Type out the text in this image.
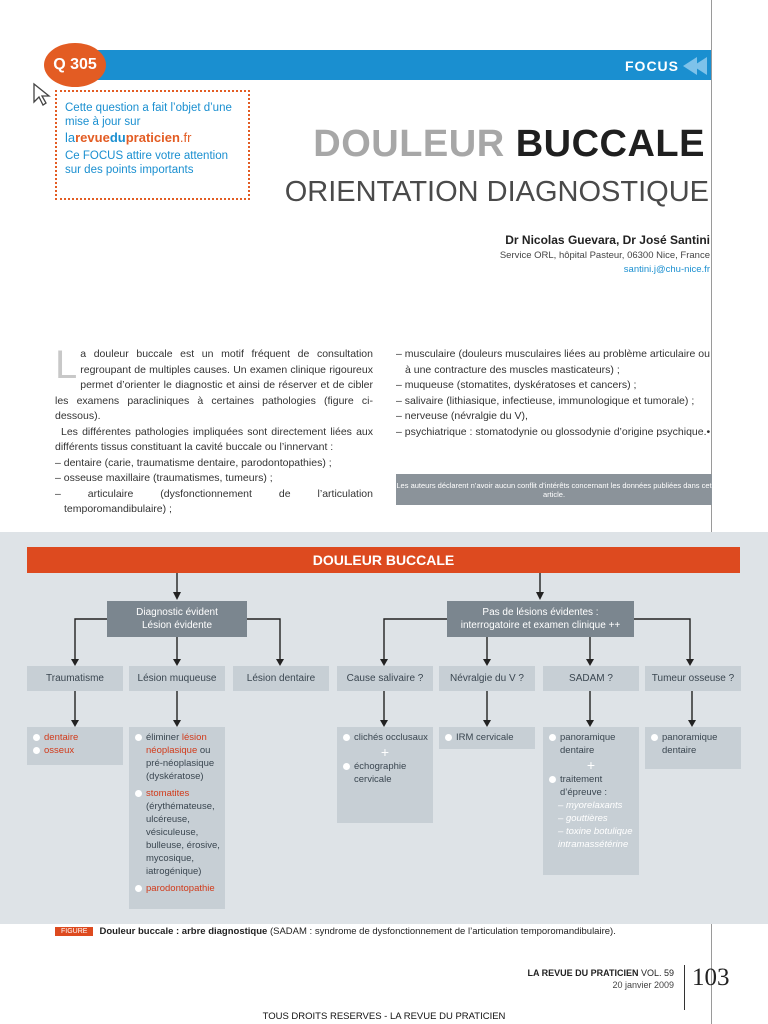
Q 305	FOCUS

Cette question a fait l’objet d’une mise à jour sur

larevuedupraticien.fr

Ce FOCUS attire votre attention sur des points importants

DOULEUR BUCCALE
ORIENTATION DIAGNOSTIQUE
Dr Nicolas Guevara, Dr José Santini
Service ORL, hôpital Pasteur, 06300 Nice, France
santini.j@chu-nice.fr

La douleur buccale est un motif fréquent de consultation regroupant de multiples causes. Un examen clinique rigoureux permet d’orienter le diagnostic et ainsi de réserver et de cibler les examens paracliniques à certaines pathologies (figure ci-dessous).

Les différentes pathologies impliquées sont directement liées aux différents tissus constituant la cavité buccale ou l’innervant :

– dentaire (carie, traumatisme dentaire, parodontopathies) ;

– osseuse maxillaire (traumatismes, tumeurs) ;

– articulaire (dysfonctionnement de l’articulation temporomandibulaire) ;

– musculaire (douleurs musculaires liées au problème articulaire ou à une contracture des muscles masticateurs) ;

– muqueuse (stomatites, dyskératoses et cancers) ;

– salivaire (lithiasique, infectieuse, immunologique et tumorale) ;

– nerveuse (névralgie du V),

– psychiatrique : stomatodynie ou glossodynie d’origine psychique.•

Les auteurs déclarent n’avoir aucun conflit d’intérêts concernant les données publiées dans cet article.
DOULEUR BUCCALE
Diagnostic évident
Lésion évidente
Pas de lésions évidentes :
interrogatoire et examen clinique ++
Traumatisme	Lésion muqueuse	Lésion dentaire	Cause salivaire ?	Névralgie du V ?	SADAM ?	Tumeur osseuse ?
dentaire
osseux
éliminer lésion néoplasique ou pré-néoplasique (dyskératose)
stomatites
(érythémateuse, ulcéreuse, vésiculeuse, bulleuse, érosive, mycosique, iatrogénique)
parodontopathie
clichés occlusaux
+
échographie cervicale
IRM cervicale	panoramique dentaire
+
traitement d’épreuve :
– myorelaxants
– gouttières
– toxine botulique intramassétérine
panoramique dentaire
FIGURE Douleur buccale : arbre diagnostique (SADAM : syndrome de dysfonctionnement de l’articulation temporomandibulaire).
LA REVUE DU PRATICIEN VOL. 59
20 janvier 2009 103
TOUS DROITS RESERVES - LA REVUE DU PRATICIEN
